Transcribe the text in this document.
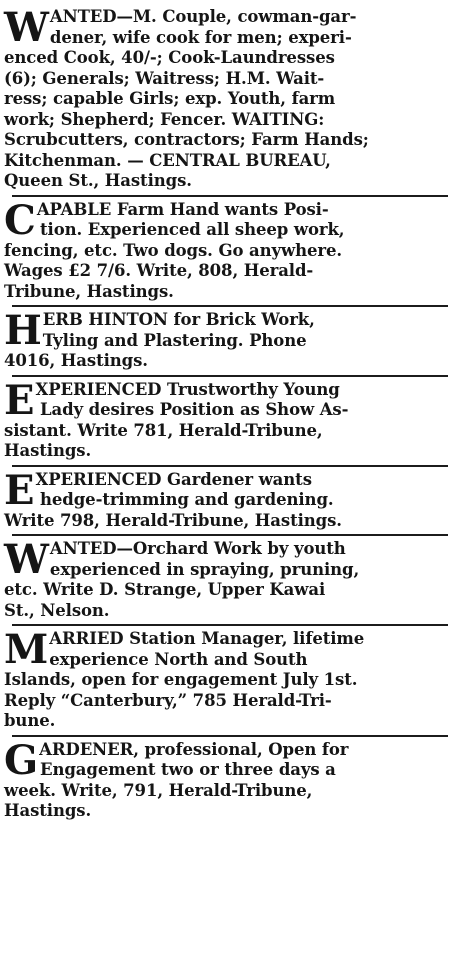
W ANTED—M. Couple, cowman-gar-
dener, wife cook for men; experi-
enced Cook, 40/-; Cook-Laundresses
(6); Generals; Waitress; H.M. Wait-
ress; capable Girls; exp. Youth, farm
work; Shepherd; Fencer. WAITING:
Scrubcutters, contractors; Farm Hands;
Kitchenman. — CENTRAL BUREAU,
Queen St., Hastings.
C APABLE Farm Hand wants Posi-
tion. Experienced all sheep work,
fencing, etc. Two dogs. Go anywhere.
Wages £2 7/6. Write, 808, Herald-
Tribune, Hastings.
H ERB HINTON for Brick Work,
Tyling and Plastering. Phone
4016, Hastings.
E XPERIENCED Trustworthy Young
Lady desires Position as Show As-
sistant. Write 781, Herald-Tribune,
Hastings.
E XPERIENCED Gardener wants
hedge-trimming and gardening.
Write 798, Herald-Tribune, Hastings.
W ANTED—Orchard Work by youth
experienced in spraying, pruning,
etc. Write D. Strange, Upper Kawai
St., Nelson.
M ARRIED Station Manager, lifetime
experience North and South
Islands, open for engagement July 1st.
Reply “Canterbury,” 785 Herald-Tri-
bune.
G ARDENER, professional, Open for
Engagement two or three days a
week. Write, 791, Herald-Tribune,
Hastings.
